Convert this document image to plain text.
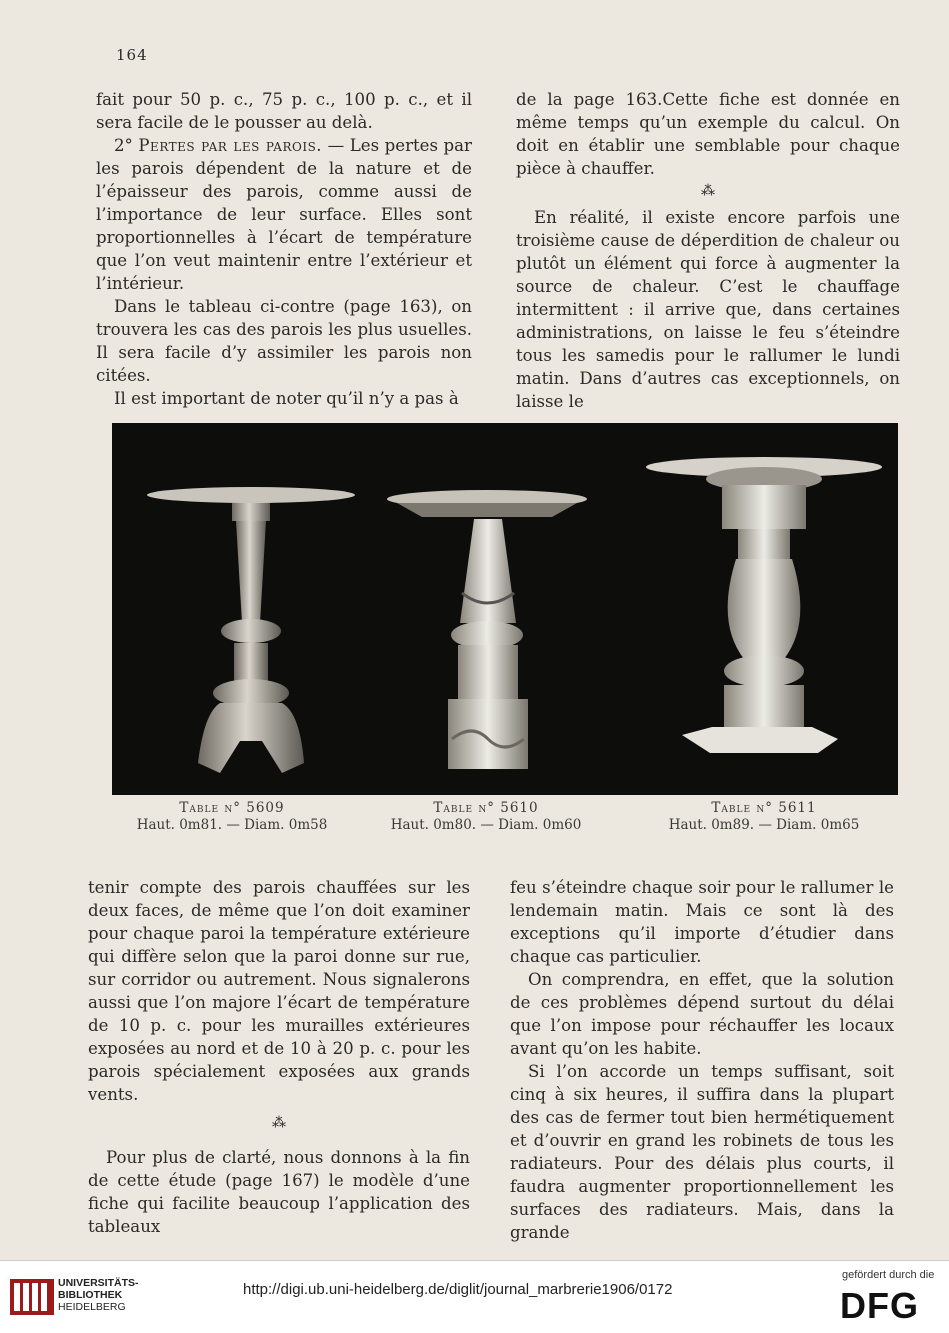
164

fait pour 50 p. c., 75 p. c., 100 p. c., et il sera facile de le pousser au delà.

2° Pertes par les parois. — Les pertes par les parois dépendent de la nature et de l’épaisseur des parois, comme aussi de l’importance de leur surface. Elles sont proportionnelles à l’écart de température que l’on veut maintenir entre l’extérieur et l’intérieur.

Dans le tableau ci-contre (page 163), on trouvera les cas des parois les plus usuelles. Il sera facile d’y assimiler les parois non citées.

Il est important de noter qu’il n’y a pas à

de la page 163.Cette fiche est donnée en même temps qu’un exemple du calcul. On doit en établir une semblable pour chaque pièce à chauffer.

⁂

En réalité, il existe encore parfois une troisième cause de déperdition de chaleur ou plutôt un élément qui force à augmenter la source de chaleur. C’est le chauffage intermittent : il arrive que, dans certaines administrations, on laisse le feu s’éteindre tous les samedis pour le rallumer le lundi matin. Dans d’autres cas exceptionnels, on laisse le

Table n° 5609
Haut. 0m81. — Diam. 0m58
Table n° 5610
Haut. 0m80. — Diam. 0m60
Table n° 5611
Haut. 0m89. — Diam. 0m65

tenir compte des parois chauffées sur les deux faces, de même que l’on doit examiner pour chaque paroi la température extérieure qui diffère selon que la paroi donne sur rue, sur corridor ou autrement. Nous signalerons aussi que l’on majore l’écart de température de 10 p. c. pour les murailles extérieures exposées au nord et de 10 à 20 p. c. pour les parois spécialement exposées aux grands vents.

⁂

Pour plus de clarté, nous donnons à la fin de cette étude (page 167) le modèle d’une fiche qui facilite beaucoup l’application des tableaux

feu s’éteindre chaque soir pour le rallumer le lendemain matin. Mais ce sont là des exceptions qu’il importe d’étudier dans chaque cas particulier.

On comprendra, en effet, que la solution de ces problèmes dépend surtout du délai que l’on impose pour réchauffer les locaux avant qu’on les habite.

Si l’on accorde un temps suffisant, soit cinq à six heures, il suffira dans la plupart des cas de fermer tout bien hermétiquement et d’ouvrir en grand les robinets de tous les radiateurs. Pour des délais plus courts, il faudra augmenter proportionnellement les surfaces des radiateurs. Mais, dans la grande

UNIVERSITÄTS-
BIBLIOTHEK
HEIDELBERG
http://digi.ub.uni-heidelberg.de/diglit/journal_marbrerie1906/0172
gefördert durch die
DFG
